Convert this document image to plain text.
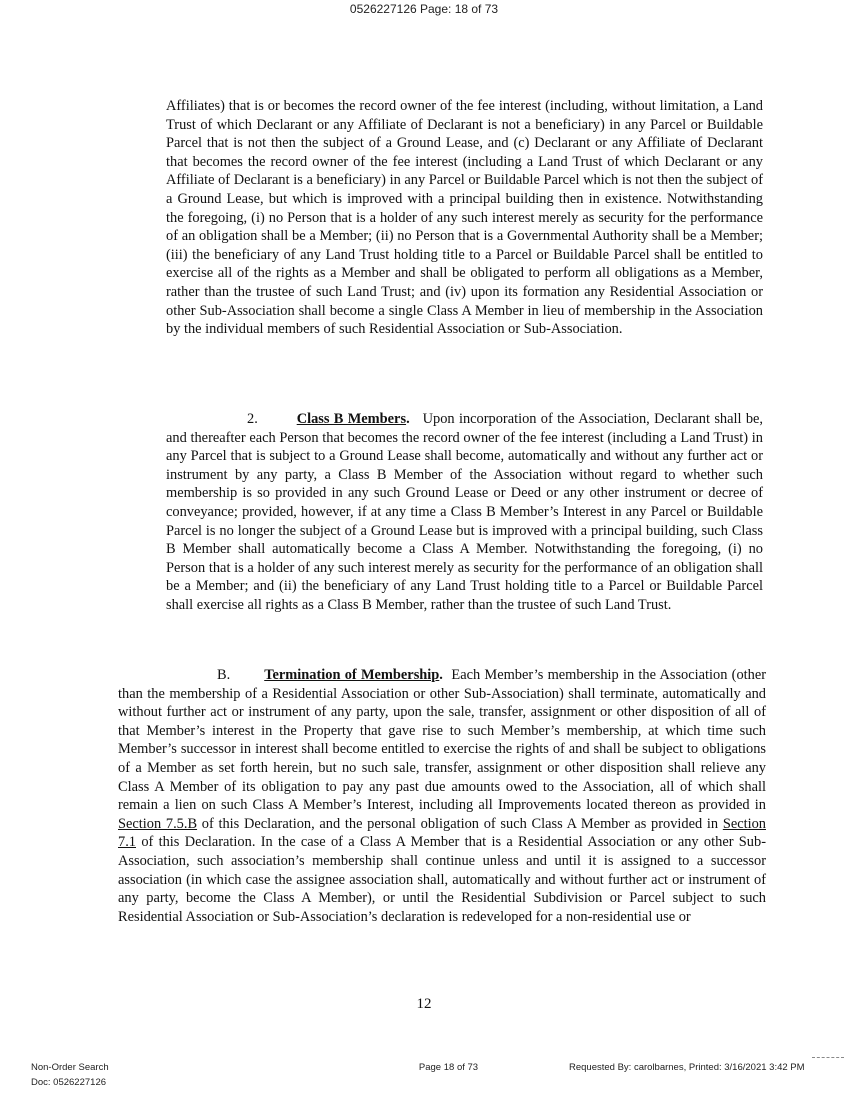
0526227126 Page: 18 of 73

Affiliates) that is or becomes the record owner of the fee interest (including, without limitation, a Land Trust of which Declarant or any Affiliate of Declarant is not a beneficiary) in any Parcel or Buildable Parcel that is not then the subject of a Ground Lease, and (c) Declarant or any Affiliate of Declarant that becomes the record owner of the fee interest (including a Land Trust of which Declarant or any Affiliate of Declarant is a beneficiary) in any Parcel or Buildable Parcel which is not then the subject of a Ground Lease, but which is improved with a principal building then in existence. Notwithstanding the foregoing, (i) no Person that is a holder of any such interest merely as security for the performance of an obligation shall be a Member; (ii) no Person that is a Governmental Authority shall be a Member; (iii) the beneficiary of any Land Trust holding title to a Parcel or Buildable Parcel shall be entitled to exercise all of the rights as a Member and shall be obligated to perform all obligations as a Member, rather than the trustee of such Land Trust; and (iv) upon its formation any Residential Association or other Sub-Association shall become a single Class A Member in lieu of membership in the Association by the individual members of such Residential Association or Sub-Association.

2.	Class B Members. Upon incorporation of the Association, Declarant shall be, and thereafter each Person that becomes the record owner of the fee interest (including a Land Trust) in any Parcel that is subject to a Ground Lease shall become, automatically and without any further act or instrument by any party, a Class B Member of the Association without regard to whether such membership is so provided in any such Ground Lease or Deed or any other instrument or decree of conveyance; provided, however, if at any time a Class B Member’s Interest in any Parcel or Buildable Parcel is no longer the subject of a Ground Lease but is improved with a principal building, such Class B Member shall automatically become a Class A Member. Notwithstanding the foregoing, (i) no Person that is a holder of any such interest merely as security for the performance of an obligation shall be a Member; and (ii) the beneficiary of any Land Trust holding title to a Parcel or Buildable Parcel shall exercise all rights as a Class B Member, rather than the trustee of such Land Trust.

B. Termination of Membership. Each Member’s membership in the Association (other than the membership of a Residential Association or other Sub-Association) shall terminate, automatically and without further act or instrument of any party, upon the sale, transfer, assignment or other disposition of all of that Member’s interest in the Property that gave rise to such Member’s membership, at which time such Member’s successor in interest shall become entitled to exercise the rights of and shall be subject to obligations of a Member as set forth herein, but no such sale, transfer, assignment or other disposition shall relieve any Class A Member of its obligation to pay any past due amounts owed to the Association, all of which shall remain a lien on such Class A Member’s Interest, including all Improvements located thereon as provided in Section 7.5.B of this Declaration, and the personal obligation of such Class A Member as provided in Section 7.1 of this Declaration. In the case of a Class A Member that is a Residential Association or any other Sub-Association, such association’s membership shall continue unless and until it is assigned to a successor association (in which case the assignee association shall, automatically and without further act or instrument of any party, become the Class A Member), or until the Residential Subdivision or Parcel subject to such Residential Association or Sub-Association’s declaration is redeveloped for a non-residential use or

12
Non-Order Search
Doc: 0526227126
Page 18 of 73	Requested By: carolbarnes, Printed: 3/16/2021 3:42 PM
